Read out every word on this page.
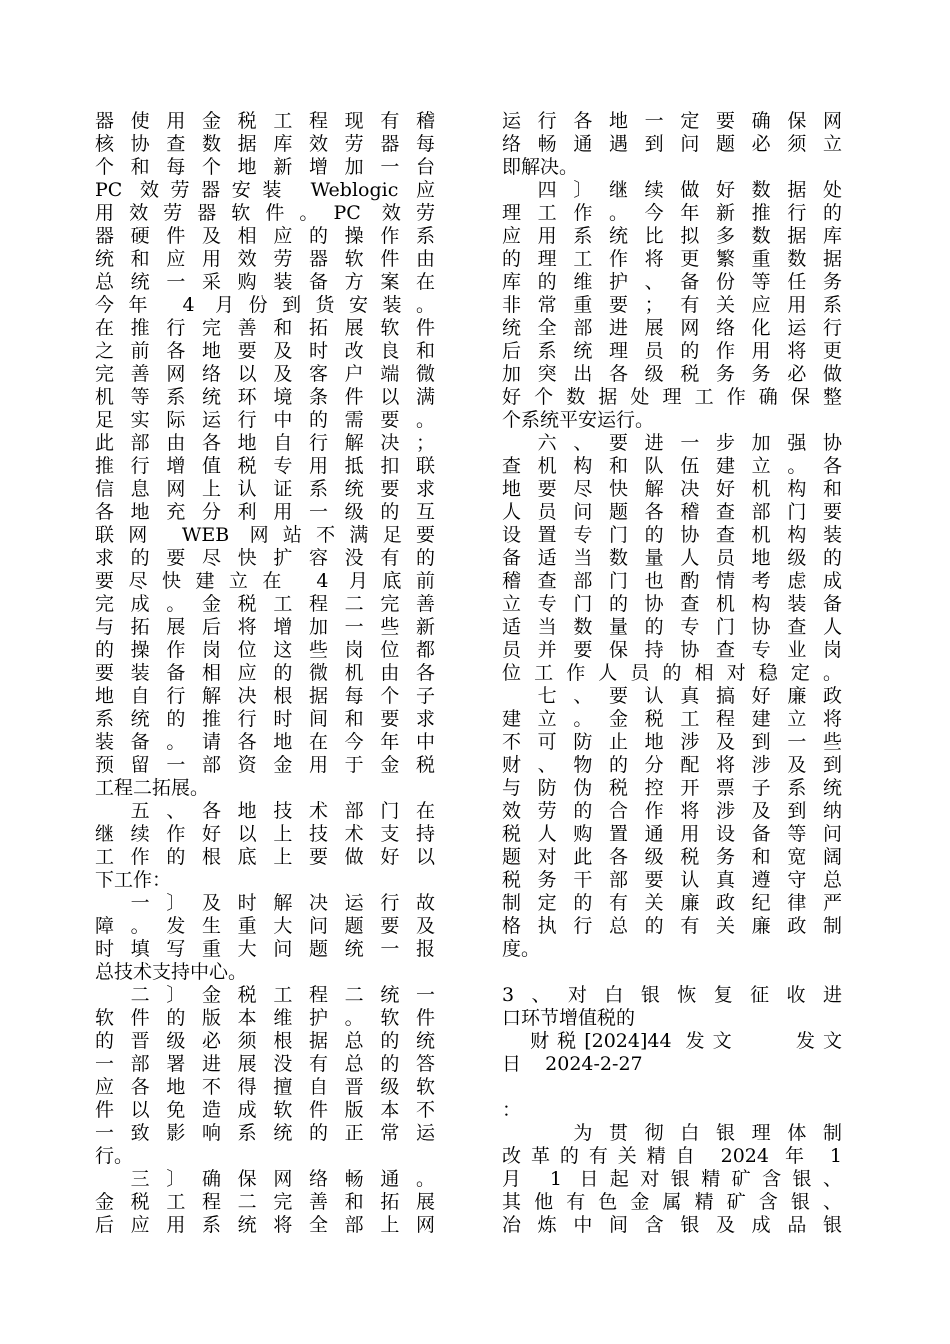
器使用金税工程现有稽
核协查数据库效劳器每
个和每个地新增加一台
PC 效劳器安装 Weblogic 应
用效劳器软件。PC 效劳
器硬件及相应的操作系
统和应用效劳器软件由
总统一采购装备方案在
今年 4 月份到货安装。
在推行完善和拓展软件
之前各地要及时改良和
完善网络以及客户端微
机等系统环境条件以满
足实际运行中的需要。
此部由各地自行解决；
推行增值税专用抵扣联
信息网上认证系统要求
各地充分利用一级的互
联网 WEB 网站不满足要
求的要尽快扩容没有的
要尽快建立在 4 月底前
完成。金税工程二完善
与拓展后将增加一些新
的操作岗位这些岗位都
要装备相应的微机由各
地自行解决根据每个子
系统的推行时间和要求
装备。请各地在今年中
预留一部资金用于金税
工程二拓展。
　五、各地技术部门在
继续作好以上技术支持
工作的根底上要做好以
下工作：
　一〕及时解决运行故
障。发生重大问题要及
时填写重大问题统一报
总技术支持中心。
　二〕金税工程二统一
软件的版本维护。软件
的晋级必须根据总的统
一部署进展没有总的答
应各地不得擅自晋级软
件以免造成软件版本不
一致影响系统的正常运
行。
　三〕确保网络畅通。
金税工程二完善和拓展
后应用系统将全部上网
运行各地一定要确保网
络畅通遇到问题必须立
即解决。
　四〕继续做好数据处
理工作。今年新推行的
应用系统比拟多数据库
的理工作将更繁重数据
库的维护、备份等任务
非常重要；有关应用系
统全部进展网络化运行
后系统理员的作用将更
加突出各级税务务必做
好个数据处理工作确保整
个系统平安运行。
　六、要进一步加强协
查机构和队伍建立。各
地要尽快解决好机构和
人员问题各稽查部门要
设置专门的协查机构装
备适当数量人员地级的
稽查部门也酌情考虑成
立专门的协查机构装备
适当数量的专门协查人
员并要保持协查专业岗
位工作人员的相对稳定。
　七、要认真搞好廉政
建立。金税工程建立将
不可防止地涉及到一些
财、物的分配将涉及到
与防伪税控开票子系统
效劳的合作将涉及到纳
税人购置通用设备等问
题对此各级税务和宽阔
税务干部要认真遵守总
制定的有关廉政纪律严
格执行总的有关廉政制
度。
3、对白银恢复征收进
口环节增值税的
财税[2024]44 发文    发文
日    2024-2-27
：
　　为贯彻白银理体制
改革的有关精自 2024 年 1
月 1 日起对银精矿含银、
其他有色金属精矿含银、
冶炼中间含银及成品银
